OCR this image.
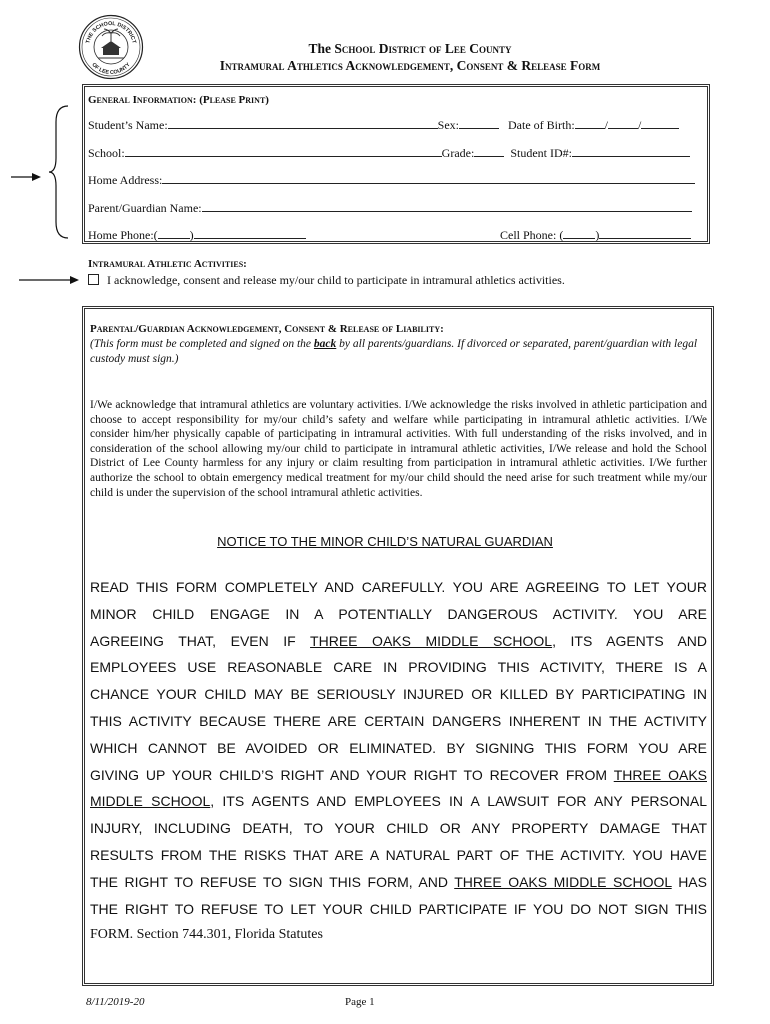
THE SCHOOL DISTRICT
OF LEE COUNTY
The School District of Lee County
Intramural Athletics Acknowledgement, Consent & Release Form
General Information: (Please Print)
Student’s Name:	Sex:	Date of Birth:	/	/
School:	Grade:	Student ID#:
Home Address:
Parent/Guardian Name:
Home Phone:(	)	Cell Phone: (	)
Intramural Athletic Activities:
I acknowledge, consent and release my/our child to participate in intramural athletics activities.
Parental/Guardian Acknowledgement, Consent & Release of Liability:
(This form must be completed and signed on the back by all parents/guardians. If divorced or separated, parent/guardian with legal custody must sign.)
I/We acknowledge that intramural athletics are voluntary activities. I/We acknowledge the risks involved in athletic participation and choose to accept responsibility for my/our child’s safety and welfare while participating in intramural athletic activities. I/We consider him/her physically capable of participating in intramural activities. With full understanding of the risks involved, and in consideration of the school allowing my/our child to participate in intramural athletic activities, I/We release and hold the School District of Lee County harmless for any injury or claim resulting from participation in intramural athletic activities. I/We further authorize the school to obtain emergency medical treatment for my/our child should the need arise for such treatment while my/our child is under the supervision of the school intramural athletic activities.
NOTICE TO THE MINOR CHILD’S NATURAL GUARDIAN
READ THIS FORM COMPLETELY AND CAREFULLY. YOU ARE AGREEING TO LET YOUR
MINOR CHILD ENGAGE IN A POTENTIALLY DANGEROUS ACTIVITY. YOU ARE
AGREEING THAT, EVEN IF THREE OAKS MIDDLE SCHOOL, ITS AGENTS AND
EMPLOYEES USE REASONABLE CARE IN PROVIDING THIS ACTIVITY, THERE IS A
CHANCE YOUR CHILD MAY BE SERIOUSLY INJURED OR KILLED BY PARTICIPATING IN
THIS ACTIVITY BECAUSE THERE ARE CERTAIN DANGERS INHERENT IN THE ACTIVITY
WHICH CANNOT BE AVOIDED OR ELIMINATED. BY SIGNING THIS FORM YOU ARE
GIVING UP YOUR CHILD’S RIGHT AND YOUR RIGHT TO RECOVER FROM THREE OAKS
MIDDLE SCHOOL, ITS AGENTS AND EMPLOYEES IN A LAWSUIT FOR ANY PERSONAL
INJURY, INCLUDING DEATH, TO YOUR CHILD OR ANY PROPERTY DAMAGE THAT
RESULTS FROM THE RISKS THAT ARE A NATURAL PART OF THE ACTIVITY. YOU HAVE
THE RIGHT TO REFUSE TO SIGN THIS FORM, AND THREE OAKS MIDDLE SCHOOL HAS
THE RIGHT TO REFUSE TO LET YOUR CHILD PARTICIPATE IF YOU DO NOT SIGN THIS
FORM. Section 744.301, Florida Statutes
8/11/2019-20	Page 1
